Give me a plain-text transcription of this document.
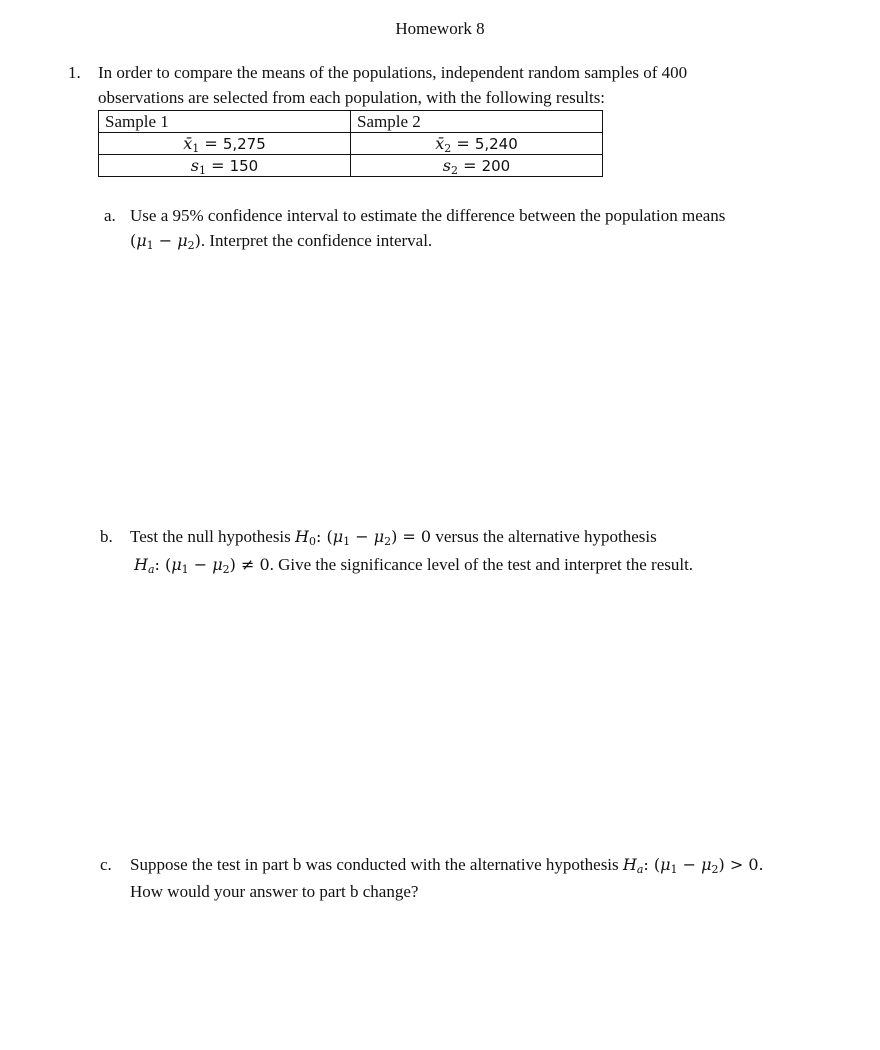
Homework 8
1. In order to compare the means of the populations, independent random samples of 400
observations are selected from each population, with the following results:
Sample 1	Sample 2
$x̄_1 = 5,275$	$x̄_2 = 5,240$
$s_1 = 150$	$s_2 = 200$
a. Use a 95% confidence interval to estimate the difference between the population means
$(\mu_1 - \mu_2)$. Interpret the confidence interval.
b. Test the null hypothesis $H_0$: $(\mu_1 - \mu_2) = 0$ versus the alternative hypothesis
$H_a$: $(\mu_1 - \mu_2) \ne 0$. Give the significance level of the test and interpret the result.
c. Suppose the test in part b was conducted with the alternative hypothesis $H_a$: $(\mu_1 - \mu_2) > 0$.
How would your answer to part b change?
